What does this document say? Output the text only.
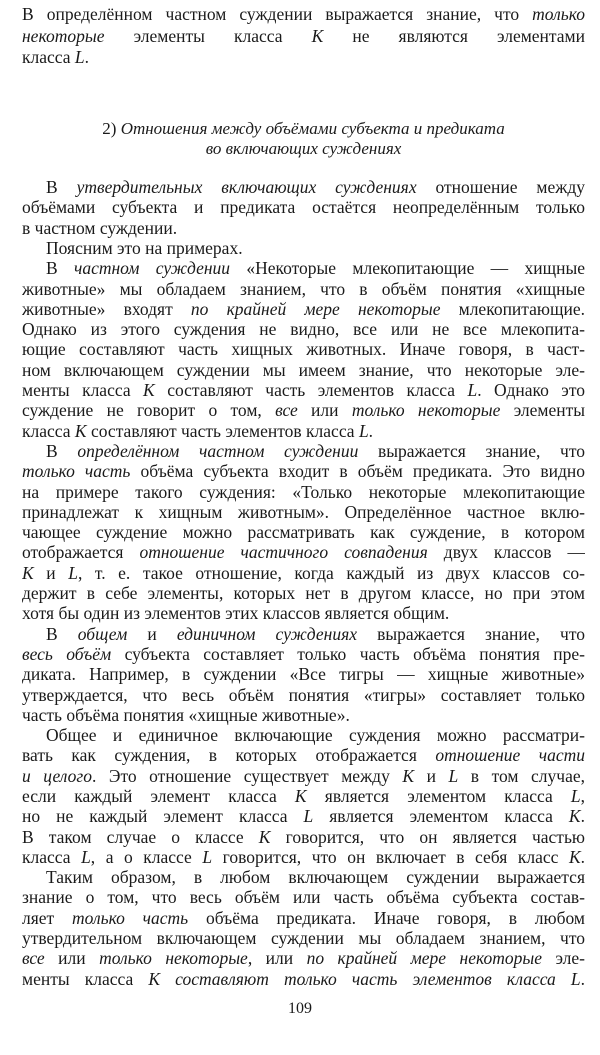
В определённом частном суждении выражается знание, что только
некоторые элементы класса K не являются элементами
класса L.
2) Отношения между объёмами субъекта и предиката
во включающих суждениях
В утвердительных включающих суждениях отношение между
объёмами субъекта и предиката остаётся неопределённым только
в частном суждении.
Поясним это на примерах.
В частном суждении «Некоторые млекопитающие — хищные
животные» мы обладаем знанием, что в объём понятия «хищные
животные» входят по крайней мере некоторые млекопитающие.
Однако из этого суждения не видно, все или не все млекопита-
ющие составляют часть хищных животных. Иначе говоря, в част-
ном включающем суждении мы имеем знание, что некоторые эле-
менты класса K составляют часть элементов класса L. Однако это
суждение не говорит о том, все или только некоторые элементы
класса K составляют часть элементов класса L.
В определённом частном суждении выражается знание, что
только часть объёма субъекта входит в объём предиката. Это видно
на примере такого суждения: «Только некоторые млекопитающие
принадлежат к хищным животным». Определённое частное вклю-
чающее суждение можно рассматривать как суждение, в котором
отображается отношение частичного совпадения двух классов —
K и L, т. е. такое отношение, когда каждый из двух классов со-
держит в себе элементы, которых нет в другом классе, но при этом
хотя бы один из элементов этих классов является общим.
В общем и единичном суждениях выражается знание, что
весь объём субъекта составляет только часть объёма понятия пре-
диката. Например, в суждении «Все тигры — хищные животные»
утверждается, что весь объём понятия «тигры» составляет только
часть объёма понятия «хищные животные».
Общее и единичное включающие суждения можно рассматри-
вать как суждения, в которых отображается отношение части
и целого. Это отношение существует между K и L в том случае,
если каждый элемент класса K является элементом класса L,
но не каждый элемент класса L является элементом класса K.
В таком случае о классе K говорится, что он является частью
класса L, а о классе L говорится, что он включает в себя класс K.
Таким образом, в любом включающем суждении выражается
знание о том, что весь объём или часть объёма субъекта состав-
ляет только часть объёма предиката. Иначе говоря, в любом
утвердительном включающем суждении мы обладаем знанием, что
все или только некоторые, или по крайней мере некоторые эле-
менты класса K составляют только часть элементов класса L.
109
